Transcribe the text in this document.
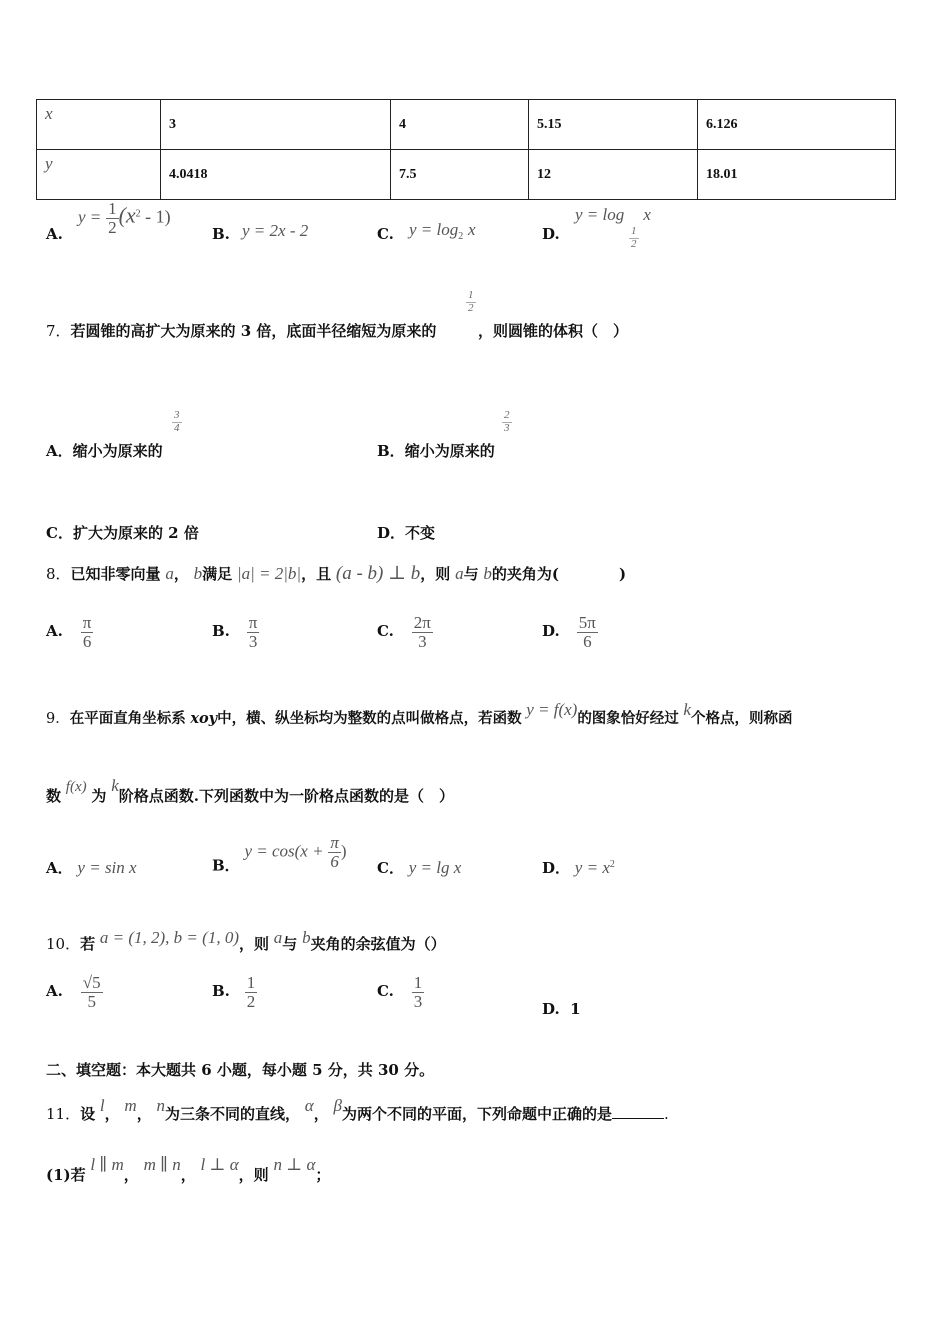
x	3	4	5.15	6.126
y	4.0418	7.5	12	18.01
A.
$y = \frac{1}{2} (x^2 - 1)$
B. y = 2x - 2	C. $y = \log_2 x$	D.
y = log
$\frac{1}{2}$
x
7．若圆锥的高扩大为原来的 3 倍，底面半径缩短为原来的
$\frac{1}{2}$
，则圆锥的体积（　）
A．缩小为原来的
$\frac{3}{4}$
B．缩小为原来的
$\frac{2}{3}$
C．扩大为原来的 2 倍	D．不变
8．已知非零向量 a， b满足 |a| = 2|b|，且 (a - b) ⊥ b，则 a与 b的夹角为(　　　　)
A. $\frac{\pi}{6}$	B. $\frac{\pi}{3}$	C. $\frac{2\pi}{3}$	D. $\frac{5\pi}{6}$
9．在平面直角坐标系 xoy中，横、纵坐标均为整数的点叫做格点，若函数 y = f(x)的图象恰好经过 k个格点，则称函
数 f(x) 为 k阶格点函数.下列函数中为一阶格点函数的是（　）
A． y = sin x	B． $y = \cos(x + \frac{\pi}{6}$ )
C． y = lg x	D． $y = x^2$
10．若 a = (1, 2), b = (1, 0)，则 a与 b夹角的余弦值为（）
A. $\frac{√5}{5}$	B. $\frac{1}{2}$	C. $\frac{1}{3}$	D. 1
二、填空题：本大题共 6 小题，每小题 5 分，共 30 分。
11．设 l， m， n为三条不同的直线， α， β为两个不同的平面，下列命题中正确的是	.
(1)若 l ∥ m， m ∥ n， l ⊥ α，则 n ⊥ α；
